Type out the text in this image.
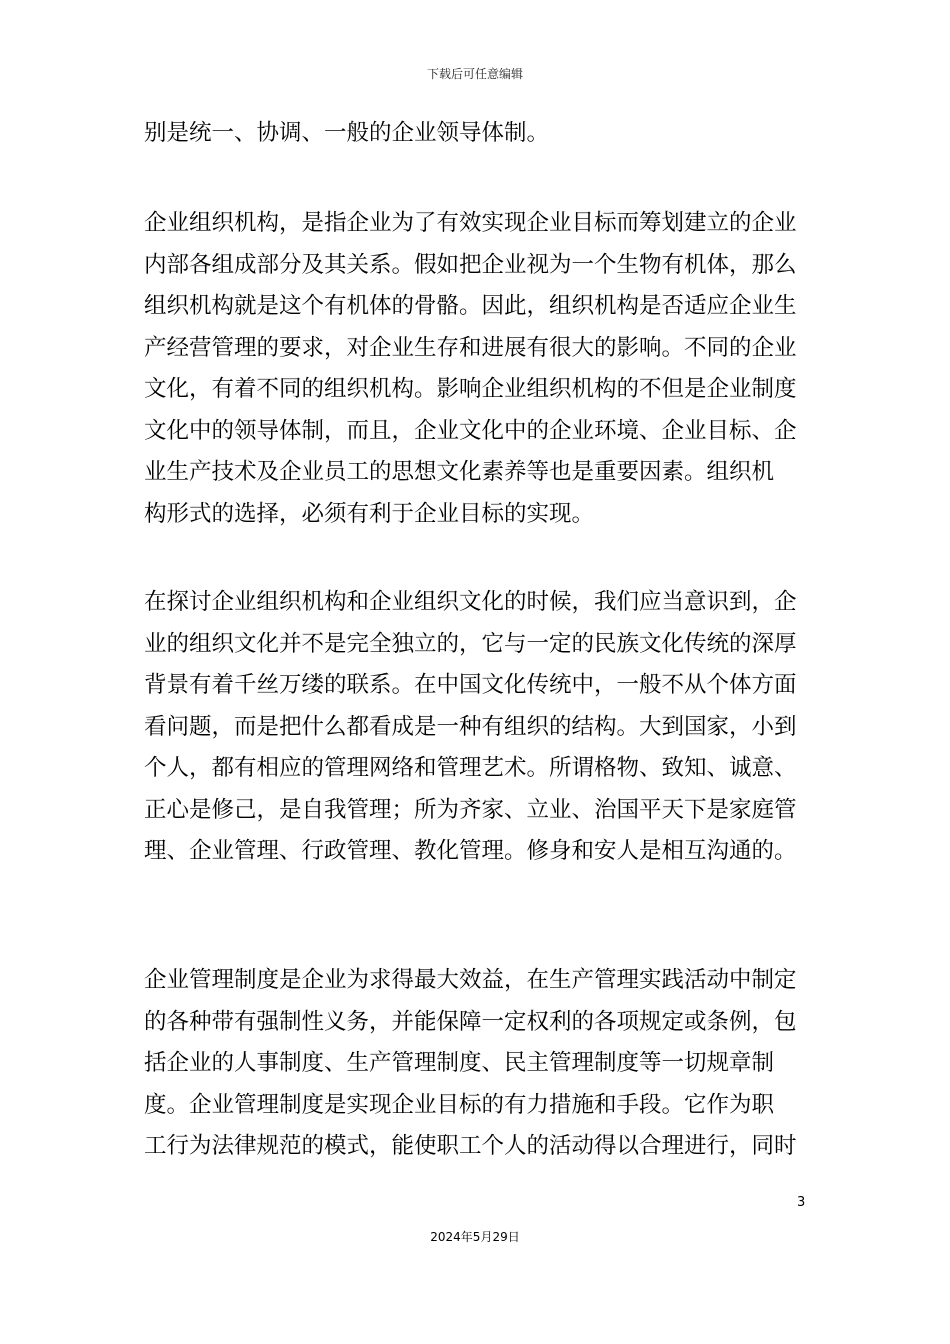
下载后可任意编辑

别是统一、协调、一般的企业领导体制。

企业组织机构，是指企业为了有效实现企业目标而筹划建立的企业

内部各组成部分及其关系。假如把企业视为一个生物有机体，那么

组织机构就是这个有机体的骨骼。因此，组织机构是否适应企业生

产经营管理的要求，对企业生存和进展有很大的影响。不同的企业

文化，有着不同的组织机构。影响企业组织机构的不但是企业制度

文化中的领导体制，而且，企业文化中的企业环境、企业目标、企

业生产技术及企业员工的思想文化素养等也是重要因素。组织机

构形式的选择，必须有利于企业目标的实现。

在探讨企业组织机构和企业组织文化的时候，我们应当意识到，企

业的组织文化并不是完全独立的，它与一定的民族文化传统的深厚

背景有着千丝万缕的联系。在中国文化传统中，一般不从个体方面

看问题，而是把什么都看成是一种有组织的结构。大到国家，小到

个人，都有相应的管理网络和管理艺术。所谓格物、致知、诚意、

正心是修己，是自我管理；所为齐家、立业、治国平天下是家庭管

理、企业管理、行政管理、教化管理。修身和安人是相互沟通的。

企业管理制度是企业为求得最大效益，在生产管理实践活动中制定

的各种带有强制性义务，并能保障一定权利的各项规定或条例，包

括企业的人事制度、生产管理制度、民主管理制度等一切规章制

度。企业管理制度是实现企业目标的有力措施和手段。它作为职

工行为法律规范的模式，能使职工个人的活动得以合理进行，同时

3
2024年5月29日
